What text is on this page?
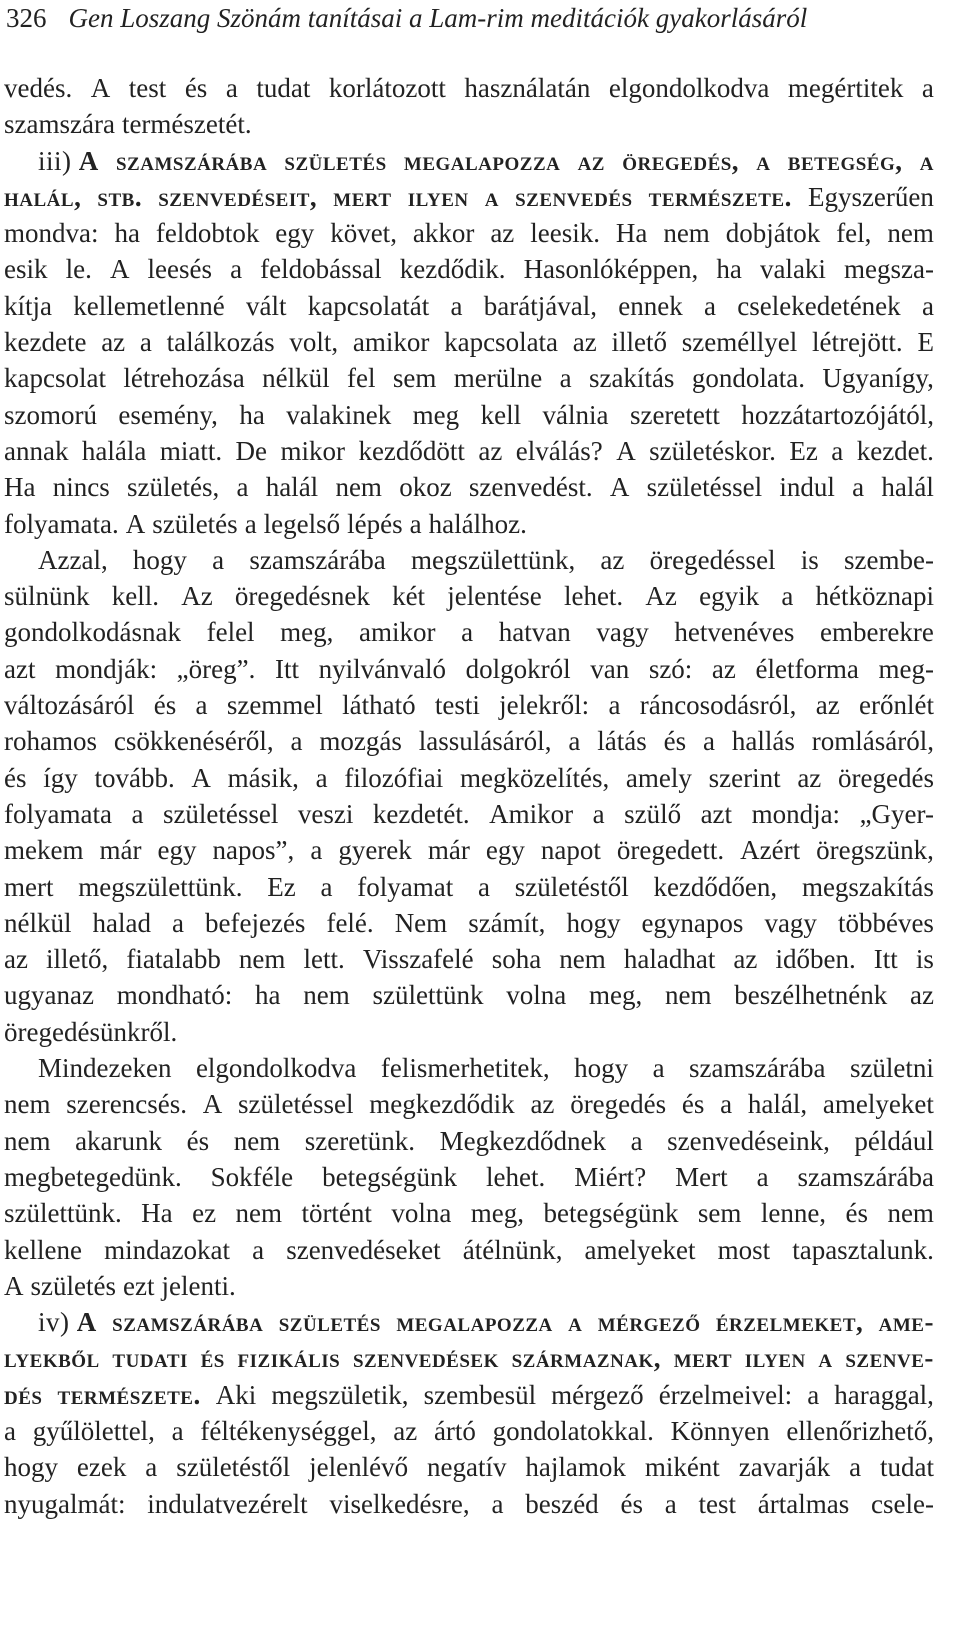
326 Gen Loszang Szönám tanításai a Lam-rim meditációk gyakorlásáról
vedés. A test és a tudat korlátozott használatán elgondolkodva megértitek a
szamszára természetét.
iii) A szamszárába születés megalapozza az öregedés, a betegség, a
halál, stb. szenvedéseit, mert ilyen a szenvedés természete. Egyszerűen
mondva: ha feldobtok egy követ, akkor az leesik. Ha nem dobjátok fel, nem
esik le. A leesés a feldobással kezdődik. Hasonlóképpen, ha valaki megsza-
kítja kellemetlenné vált kapcsolatát a barátjával, ennek a cselekedetének a
kezdete az a találkozás volt, amikor kapcsolata az illető személlyel létrejött. E
kapcsolat létrehozása nélkül fel sem merülne a szakítás gondolata. Ugyanígy,
szomorú esemény, ha valakinek meg kell válnia szeretett hozzátartozójától,
annak halála miatt. De mikor kezdődött az elválás? A születéskor. Ez a kezdet.
Ha nincs születés, a halál nem okoz szenvedést. A születéssel indul a halál
folyamata. A születés a legelső lépés a halálhoz.
Azzal, hogy a szamszárába megszülettünk, az öregedéssel is szembe-
sülnünk kell. Az öregedésnek két jelentése lehet. Az egyik a hétköznapi
gondolkodásnak felel meg, amikor a hatvan vagy hetvenéves emberekre
azt mondják: „öreg”. Itt nyilvánvaló dolgokról van szó: az életforma meg-
változásáról és a szemmel látható testi jelekről: a ráncosodásról, az erőnlét
rohamos csökkenéséről, a mozgás lassulásáról, a látás és a hallás romlásáról,
és így tovább. A másik, a filozófiai megközelítés, amely szerint az öregedés
folyamata a születéssel veszi kezdetét. Amikor a szülő azt mondja: „Gyer-
mekem már egy napos”, a gyerek már egy napot öregedett. Azért öregszünk,
mert megszülettünk. Ez a folyamat a születéstől kezdődően, megszakítás
nélkül halad a befejezés felé. Nem számít, hogy egynapos vagy többéves
az illető, fiatalabb nem lett. Visszafelé soha nem haladhat az időben. Itt is
ugyanaz mondható: ha nem születtünk volna meg, nem beszélhetnénk az
öregedésünkről.
Mindezeken elgondolkodva felismerhetitek, hogy a szamszárába születni
nem szerencsés. A születéssel megkezdődik az öregedés és a halál, amelyeket
nem akarunk és nem szeretünk. Megkezdődnek a szenvedéseink, például
megbetegedünk. Sokféle betegségünk lehet. Miért? Mert a szamszárába
születtünk. Ha ez nem történt volna meg, betegségünk sem lenne, és nem
kellene mindazokat a szenvedéseket átélnünk, amelyeket most tapasztalunk.
A születés ezt jelenti.
iv) A szamszárába születés megalapozza a mérgező érzelmeket, ame-
lyekből tudati és fizikális szenvedések származnak, mert ilyen a szenve-
dés természete. Aki megszületik, szembesül mérgező érzelmeivel: a haraggal,
a gyűlölettel, a féltékenységgel, az ártó gondolatokkal. Könnyen ellenőrizhető,
hogy ezek a születéstől jelenlévő negatív hajlamok miként zavarják a tudat
nyugalmát: indulatvezérelt viselkedésre, a beszéd és a test ártalmas csele-
